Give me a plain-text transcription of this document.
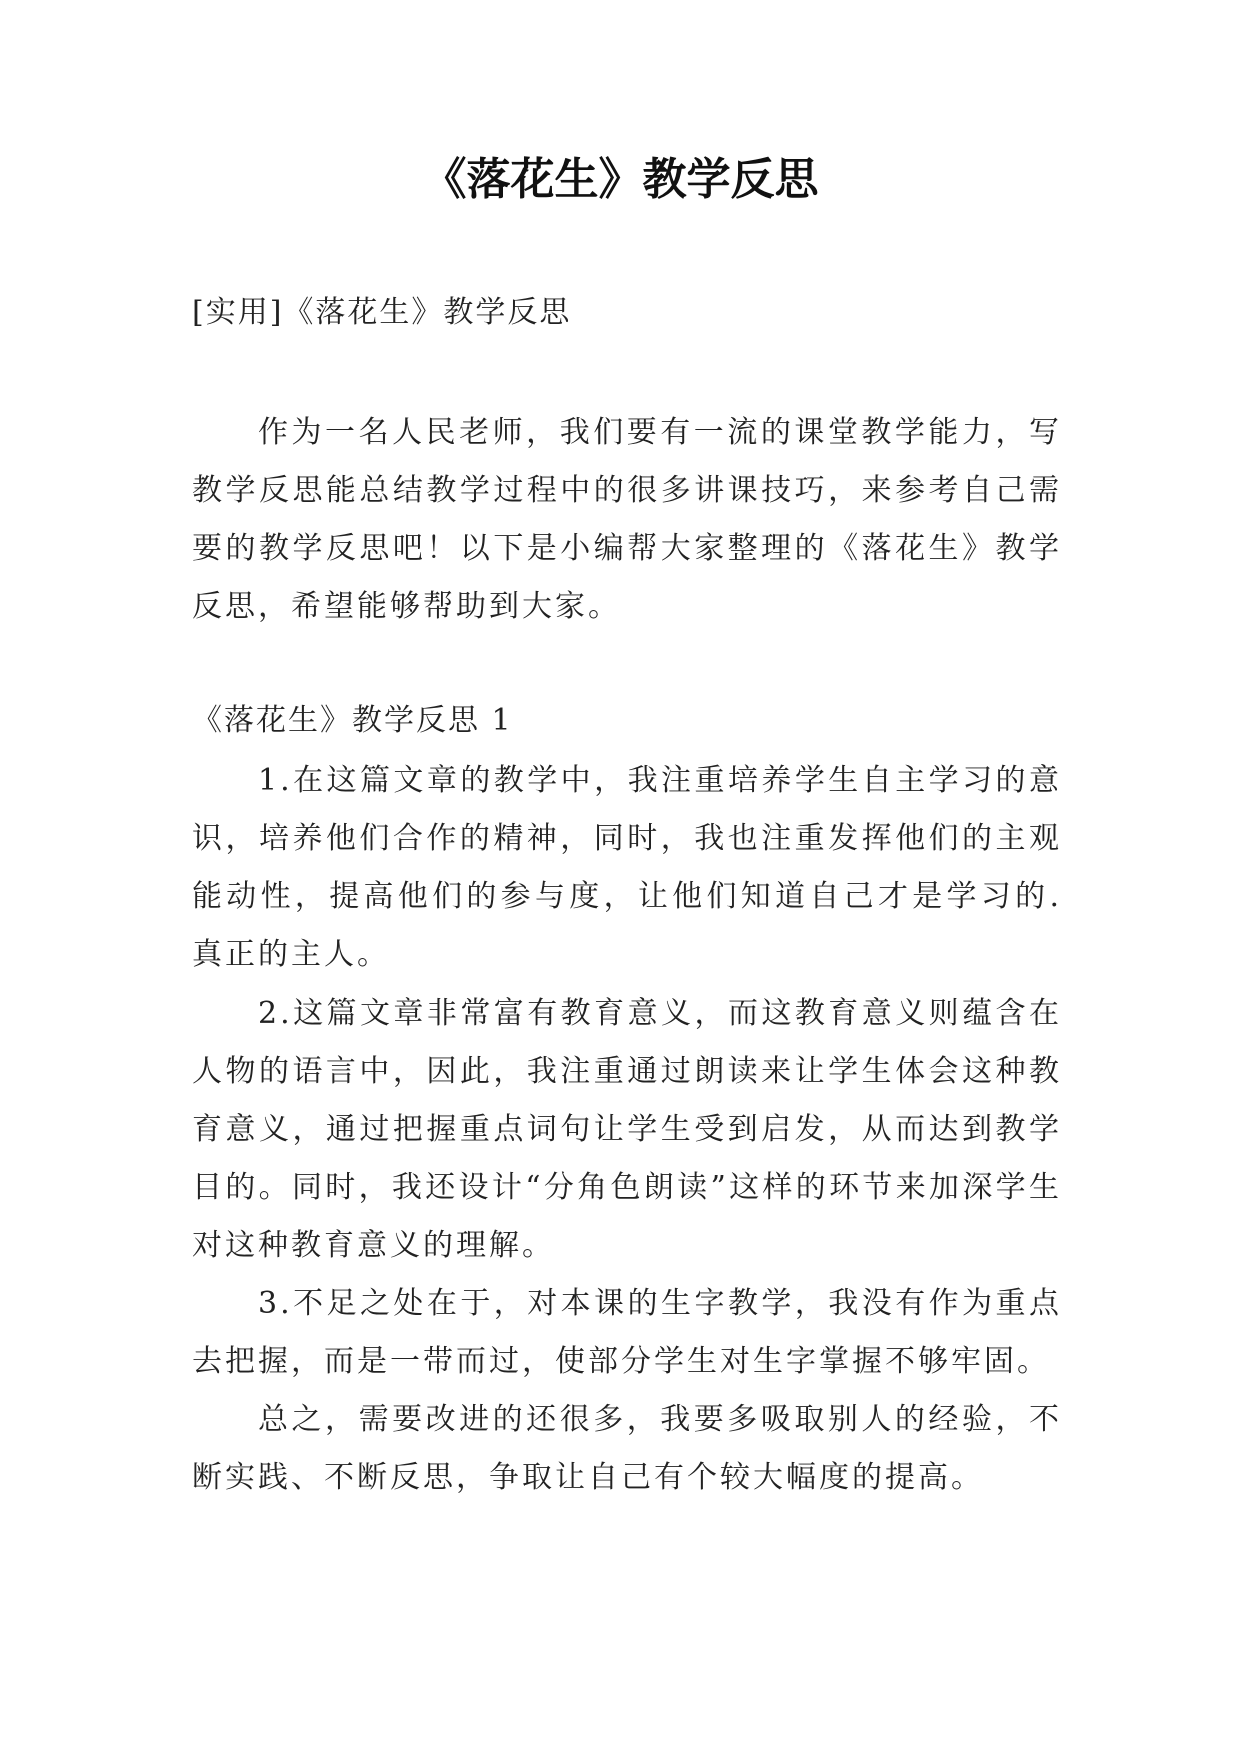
《落花生》教学反思
[实用]《落花生》教学反思

作为一名人民老师，我们要有一流的课堂教学能力，写教学反思能总结教学过程中的很多讲课技巧，来参考自己需要的教学反思吧！以下是小编帮大家整理的《落花生》教学反思，希望能够帮助到大家。

《落花生》教学反思 1

1.在这篇文章的教学中，我注重培养学生自主学习的意识，培养他们合作的精神，同时，我也注重发挥他们的主观能动性，提高他们的参与度，让他们知道自己才是学习的.真正的主人。

2.这篇文章非常富有教育意义，而这教育意义则蕴含在人物的语言中，因此，我注重通过朗读来让学生体会这种教育意义，通过把握重点词句让学生受到启发，从而达到教学目的。同时，我还设计“分角色朗读”这样的环节来加深学生对这种教育意义的理解。

3.不足之处在于，对本课的生字教学，我没有作为重点去把握，而是一带而过，使部分学生对生字掌握不够牢固。

总之，需要改进的还很多，我要多吸取别人的经验，不断实践、不断反思，争取让自己有个较大幅度的提高。
